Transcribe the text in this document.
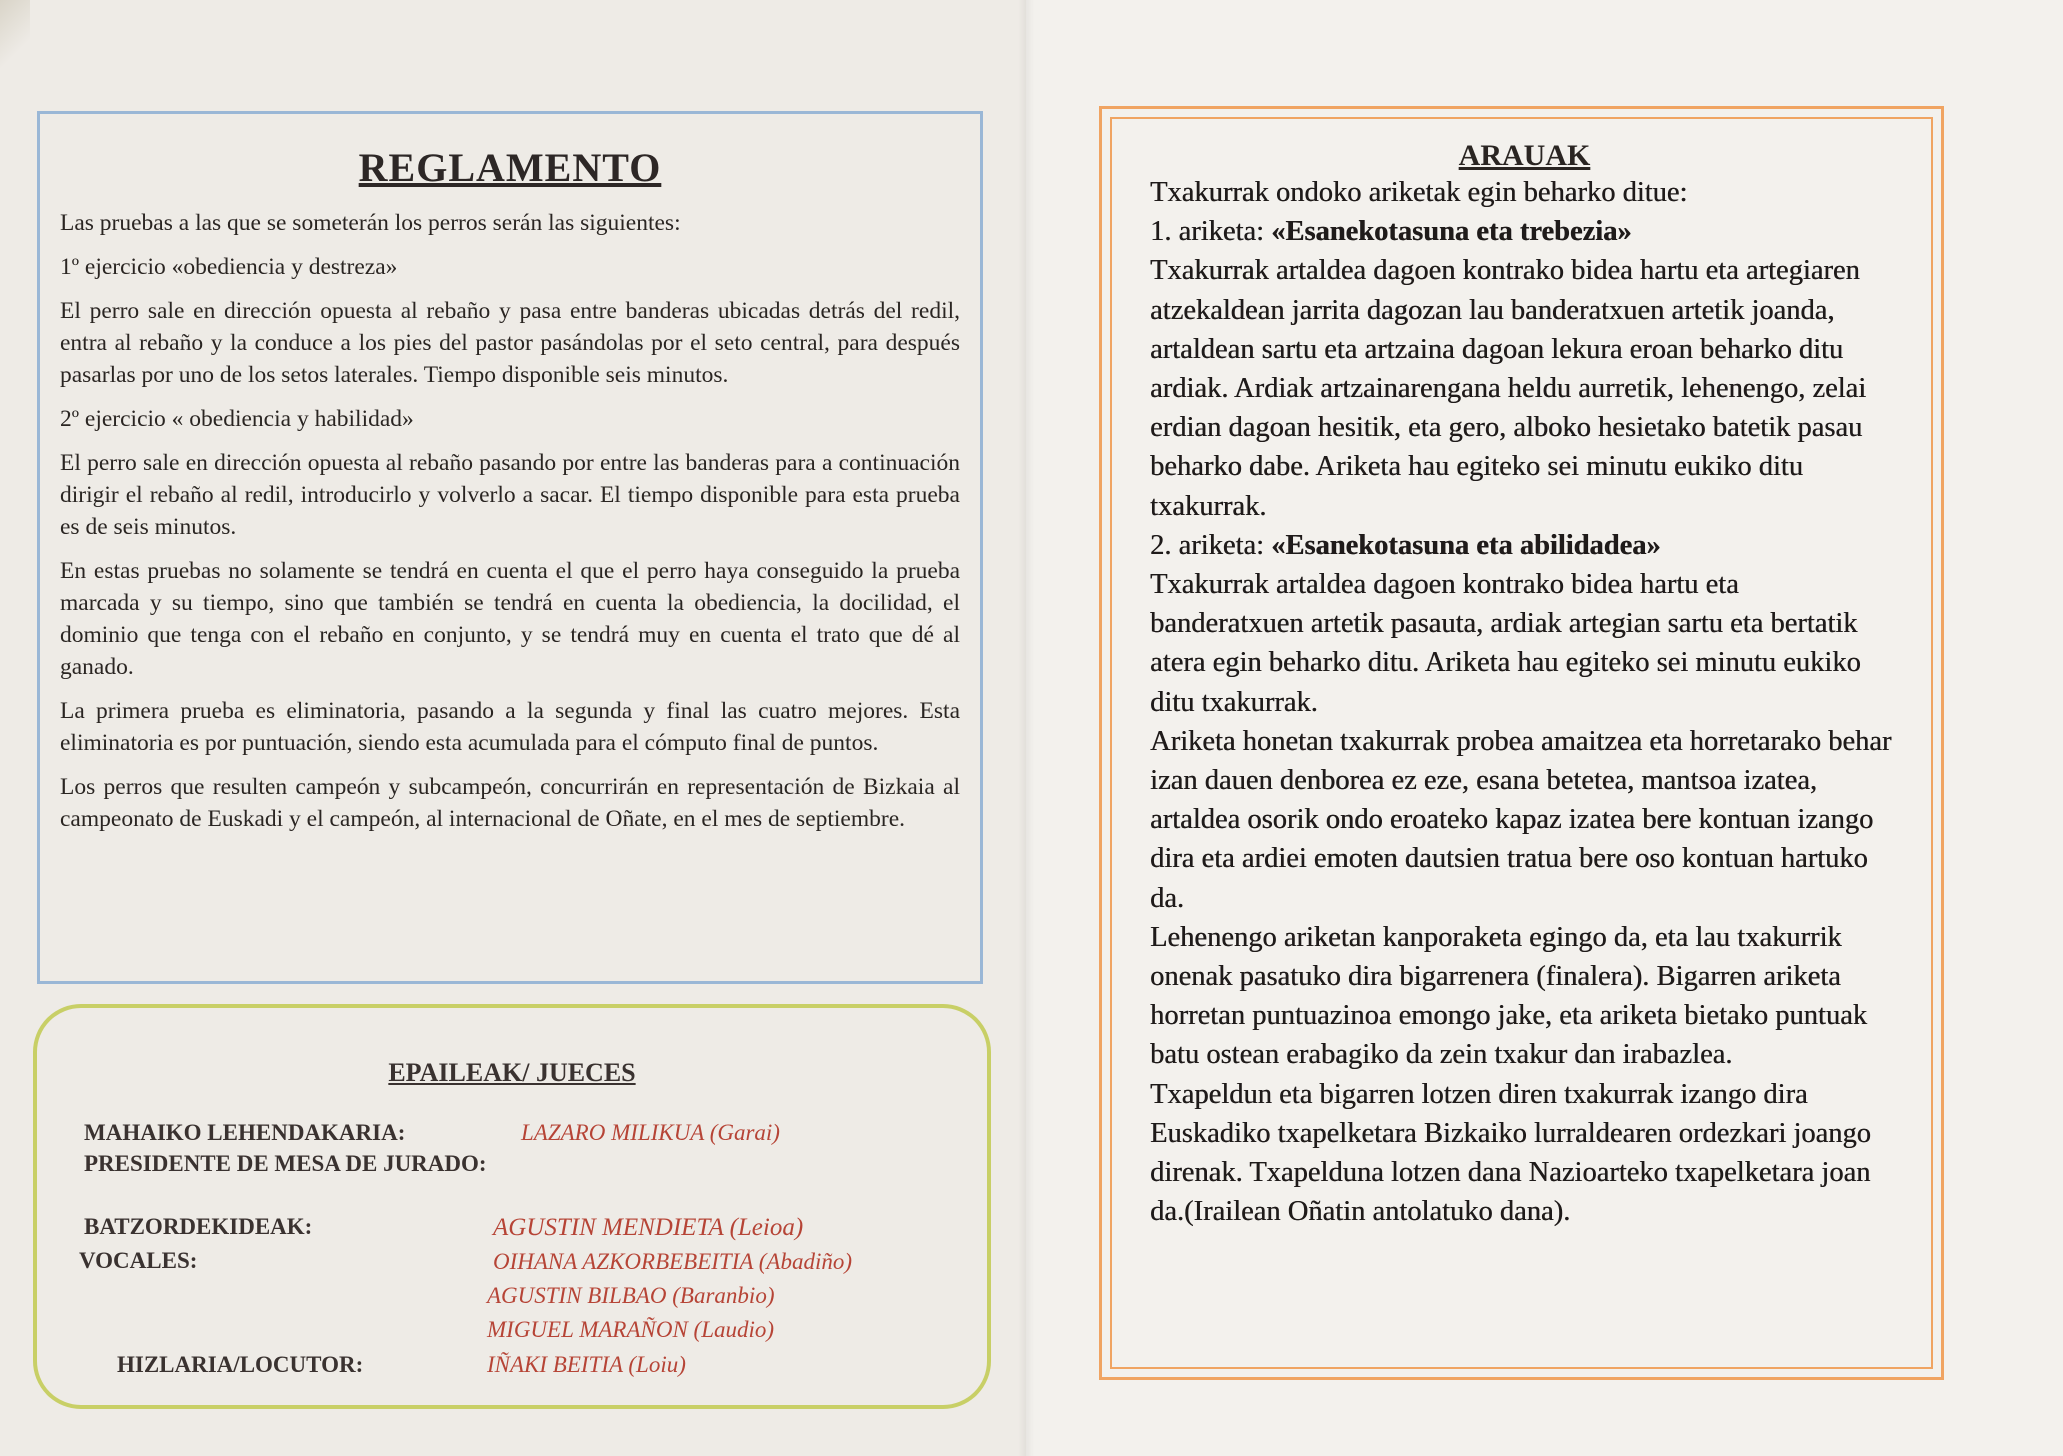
REGLAMENTO

Las pruebas a las que se someterán los perros serán las siguientes:

1º ejercicio «obediencia y destreza»

El perro sale en dirección opuesta al rebaño y pasa entre banderas ubicadas detrás del redil, entra al rebaño y la conduce a los pies del pastor pasándolas por el seto central, para después pasarlas por uno de los setos laterales. Tiempo disponible seis minutos.

2º ejercicio « obediencia y habilidad»

El perro sale en dirección opuesta al rebaño pasando por entre las banderas para a continuación dirigir el rebaño al redil, introducirlo y volverlo a sacar. El tiempo disponible para esta prueba es de seis minutos.

En estas pruebas no solamente se tendrá en cuenta el que el perro haya conseguido la prueba marcada y su tiempo, sino que también se tendrá en cuenta la obediencia, la docilidad, el dominio que tenga con el rebaño en conjunto, y se tendrá muy en cuenta el trato que dé al ganado.

La primera prueba es eliminatoria, pasando a la segunda y final las cuatro mejores. Esta eliminatoria es por puntuación, siendo esta acumulada para el cómputo final de puntos.

Los perros que resulten campeón y subcampeón, concurrirán en representación de Bizkaia al campeonato de Euskadi y el campeón, al internacional de Oñate, en el mes de septiembre.

EPAILEAK/ JUECES
MAHAIKO LEHENDAKARIA:
PRESIDENTE DE MESA DE JURADO:
LAZARO MILIKUA (Garai)
BATZORDEKIDEAK:
VOCALES:
AGUSTIN MENDIETA (Leioa)
OIHANA AZKORBEBEITIA (Abadiño)
AGUSTIN BILBAO (Baranbio)
MIGUEL MARAÑON (Laudio)
HIZLARIA/LOCUTOR:	IÑAKI BEITIA (Loiu)
ARAUAK
Txakurrak ondoko ariketak egin beharko ditue:
1. ariketa: «Esanekotasuna eta trebezia»
Txakurrak artaldea dagoen kontrako bidea hartu eta artegiaren atzekaldean jarrita dagozan lau banderatxuen artetik joanda, artaldean sartu eta artzaina dagoan lekura eroan beharko ditu ardiak. Ardiak artzainarengana heldu aurretik, lehenengo, zelai erdian dagoan hesitik, eta gero, alboko hesietako batetik pasau beharko dabe. Ariketa hau egiteko sei minutu eukiko ditu txakurrak.
2. ariketa: «Esanekotasuna eta abilidadea»
Txakurrak artaldea dagoen kontrako bidea hartu eta banderatxuen artetik pasauta, ardiak artegian sartu eta bertatik atera egin beharko ditu. Ariketa hau egiteko sei minutu eukiko ditu txakurrak.
Ariketa honetan txakurrak probea amaitzea eta horretarako behar izan dauen denborea ez eze, esana betetea, mantsoa izatea, artaldea osorik ondo eroateko kapaz izatea bere kontuan izango dira eta ardiei emoten dautsien tratua bere oso kontuan hartuko da.
Lehenengo ariketan kanporaketa egingo da, eta lau txakurrik onenak pasatuko dira bigarrenera (finalera). Bigarren ariketa horretan puntuazinoa emongo jake, eta ariketa bietako puntuak batu ostean erabagiko da zein txakur dan irabazlea.
Txapeldun eta bigarren lotzen diren txakurrak izango dira Euskadiko txapelketara Bizkaiko lurraldearen ordezkari joango direnak. Txapelduna lotzen dana Nazioarteko txapelketara joan da.(Irailean Oñatin antolatuko dana).
